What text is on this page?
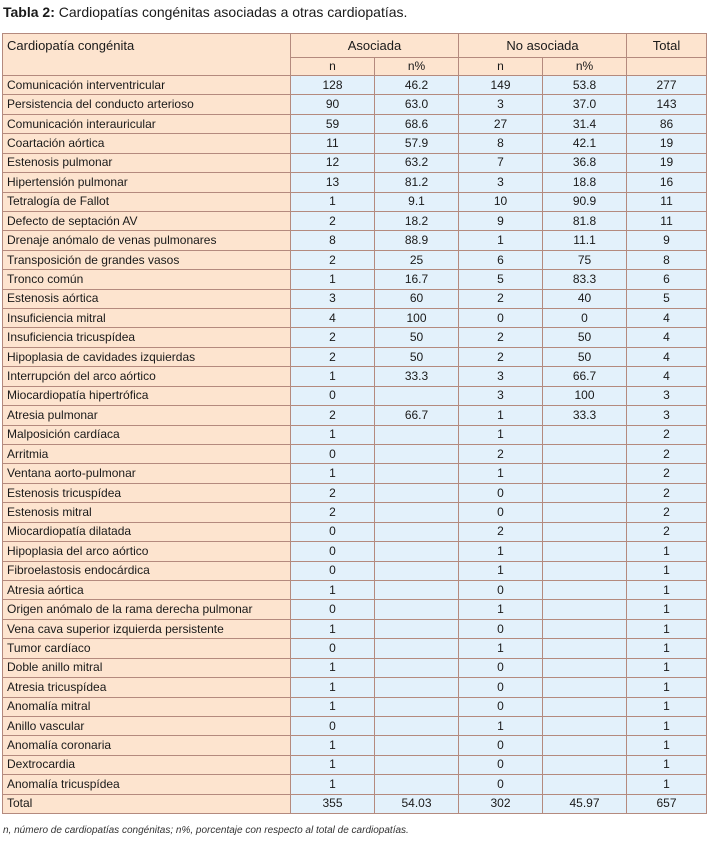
Tabla 2: Cardiopatías congénitas asociadas a otras cardiopatías.
Cardiopatía congénita	Asociada		No asociada		Total
	n	n%	n	n%	
Comunicación interventricular	128	46.2	149	53.8	277
Persistencia del conducto arterioso	90	63.0	3	37.0	143
Comunicación interauricular	59	68.6	27	31.4	86
Coartación aórtica	11	57.9	8	42.1	19
Estenosis pulmonar	12	63.2	7	36.8	19
Hipertensión pulmonar	13	81.2	3	18.8	16
Tetralogía de Fallot	1	9.1	10	90.9	11
Defecto de septación AV	2	18.2	9	81.8	11
Drenaje anómalo de venas pulmonares	8	88.9	1	11.1	9
Transposición de grandes vasos	2	25	6	75	8
Tronco común	1	16.7	5	83.3	6
Estenosis aórtica	3	60	2	40	5
Insuficiencia mitral	4	100	0	0	4
Insuficiencia tricuspídea	2	50	2	50	4
Hipoplasia de cavidades izquierdas	2	50	2	50	4
Interrupción del arco aórtico	1	33.3	3	66.7	4
Miocardiopatía hipertrófica	0		3	100	3
Atresia pulmonar	2	66.7	1	33.3	3
Malposición cardíaca	1		1		2
Arritmia	0		2		2
Ventana aorto-pulmonar	1		1		2
Estenosis tricuspídea	2		0		2
Estenosis mitral	2		0		2
Miocardiopatía dilatada	0		2		2
Hipoplasia del arco aórtico	0		1		1
Fibroelastosis endocárdica	0		1		1
Atresia aórtica	1		0		1
Origen anómalo de la rama derecha pulmonar	0		1		1
Vena cava superior izquierda persistente	1		0		1
Tumor cardíaco	0		1		1
Doble anillo mitral	1		0		1
Atresia tricuspídea	1		0		1
Anomalía mitral	1		0		1
Anillo vascular	0		1		1
Anomalía coronaria	1		0		1
Dextrocardia	1		0		1
Anomalía tricuspídea	1		0		1
Total	355	54.03	302	45.97	657
n, número de cardiopatías congénitas; n%, porcentaje con respecto al total de cardiopatías.
